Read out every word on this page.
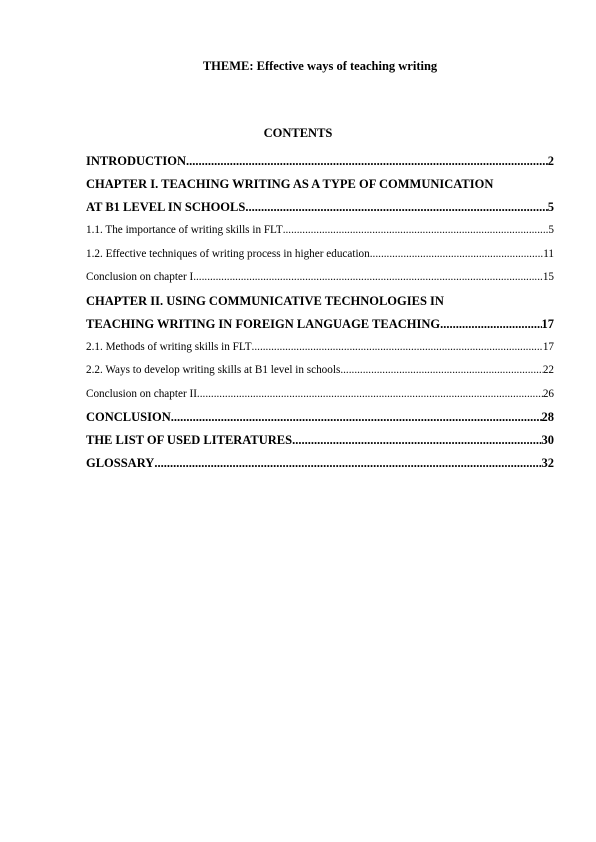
THEME: Effective ways of teaching writing
CONTENTS
INTRODUCTION .....	2
CHAPTER I. TEACHING WRITING AS A TYPE OF COMMUNICATION
AT B1 LEVEL IN SCHOOLS .....	5
1.1. The importance of writing skills in FLT .....	5
1.2. Effective techniques of writing process in higher education .....	11
Conclusion on chapter I .....	15
CHAPTER II. USING COMMUNICATIVE TECHNOLOGIES IN
TEACHING WRITING IN FOREIGN LANGUAGE TEACHING .....	17
2.1. Methods of writing skills in FLT .....	17
2.2. Ways to develop writing skills at B1 level in schools .....	22
Conclusion on chapter II .....	26
CONCLUSION .....	28
THE LIST OF USED LITERATURES .....	30
GLOSSARY .....	32
